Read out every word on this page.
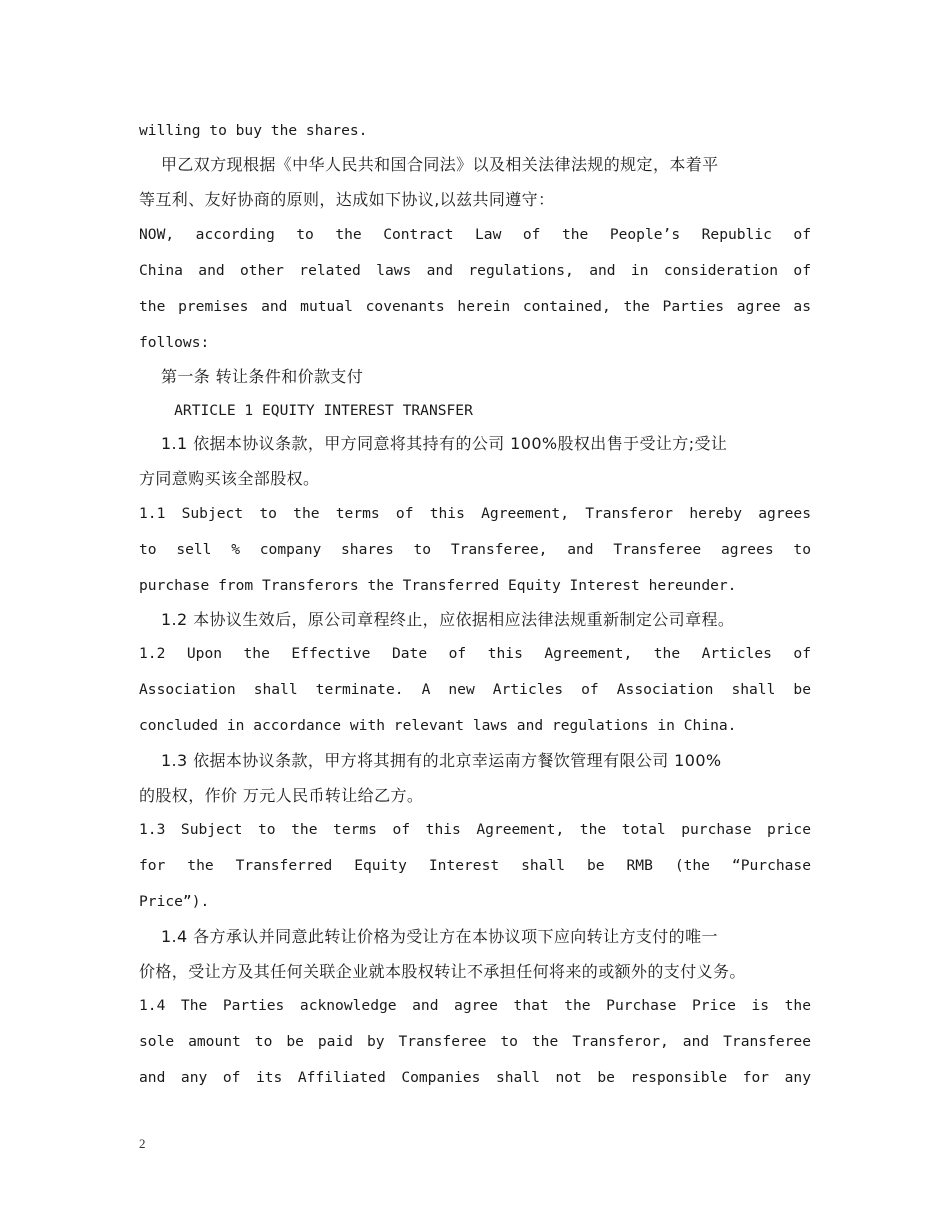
willing to buy the shares.
甲乙双方现根据《中华人民共和国合同法》以及相关法律法规的规定，本着平
等互利、友好协商的原则，达成如下协议,以兹共同遵守：
NOW, according to the Contract Law of the People’s Republic of
China and other related laws and regulations, and in consideration of
the premises and mutual covenants herein contained, the Parties agree as
follows:
第一条 转让条件和价款支付
ARTICLE 1 EQUITY INTEREST TRANSFER
1.1 依据本协议条款，甲方同意将其持有的公司 100%股权出售于受让方;受让
方同意购买该全部股权。
1.1 Subject to the terms of this Agreement, Transferor hereby agrees
to sell % company shares to Transferee, and Transferee agrees to
purchase from Transferors the Transferred Equity Interest hereunder.
1.2 本协议生效后，原公司章程终止，应依据相应法律法规重新制定公司章程。
1.2 Upon the Effective Date of this Agreement, the Articles of
Association shall terminate. A new Articles of Association shall be
concluded in accordance with relevant laws and regulations in China.
1.3 依据本协议条款，甲方将其拥有的北京幸运南方餐饮管理有限公司 100%
的股权，作价 万元人民币转让给乙方。
1.3 Subject to the terms of this Agreement, the total purchase price
for the Transferred Equity Interest shall be RMB (the “Purchase
Price”).
1.4 各方承认并同意此转让价格为受让方在本协议项下应向转让方支付的唯一
价格，受让方及其任何关联企业就本股权转让不承担任何将来的或额外的支付义务。
1.4 The Parties acknowledge and agree that the Purchase Price is the
sole amount to be paid by Transferee to the Transferor, and Transferee
and any of its Affiliated Companies shall not be responsible for any
2
